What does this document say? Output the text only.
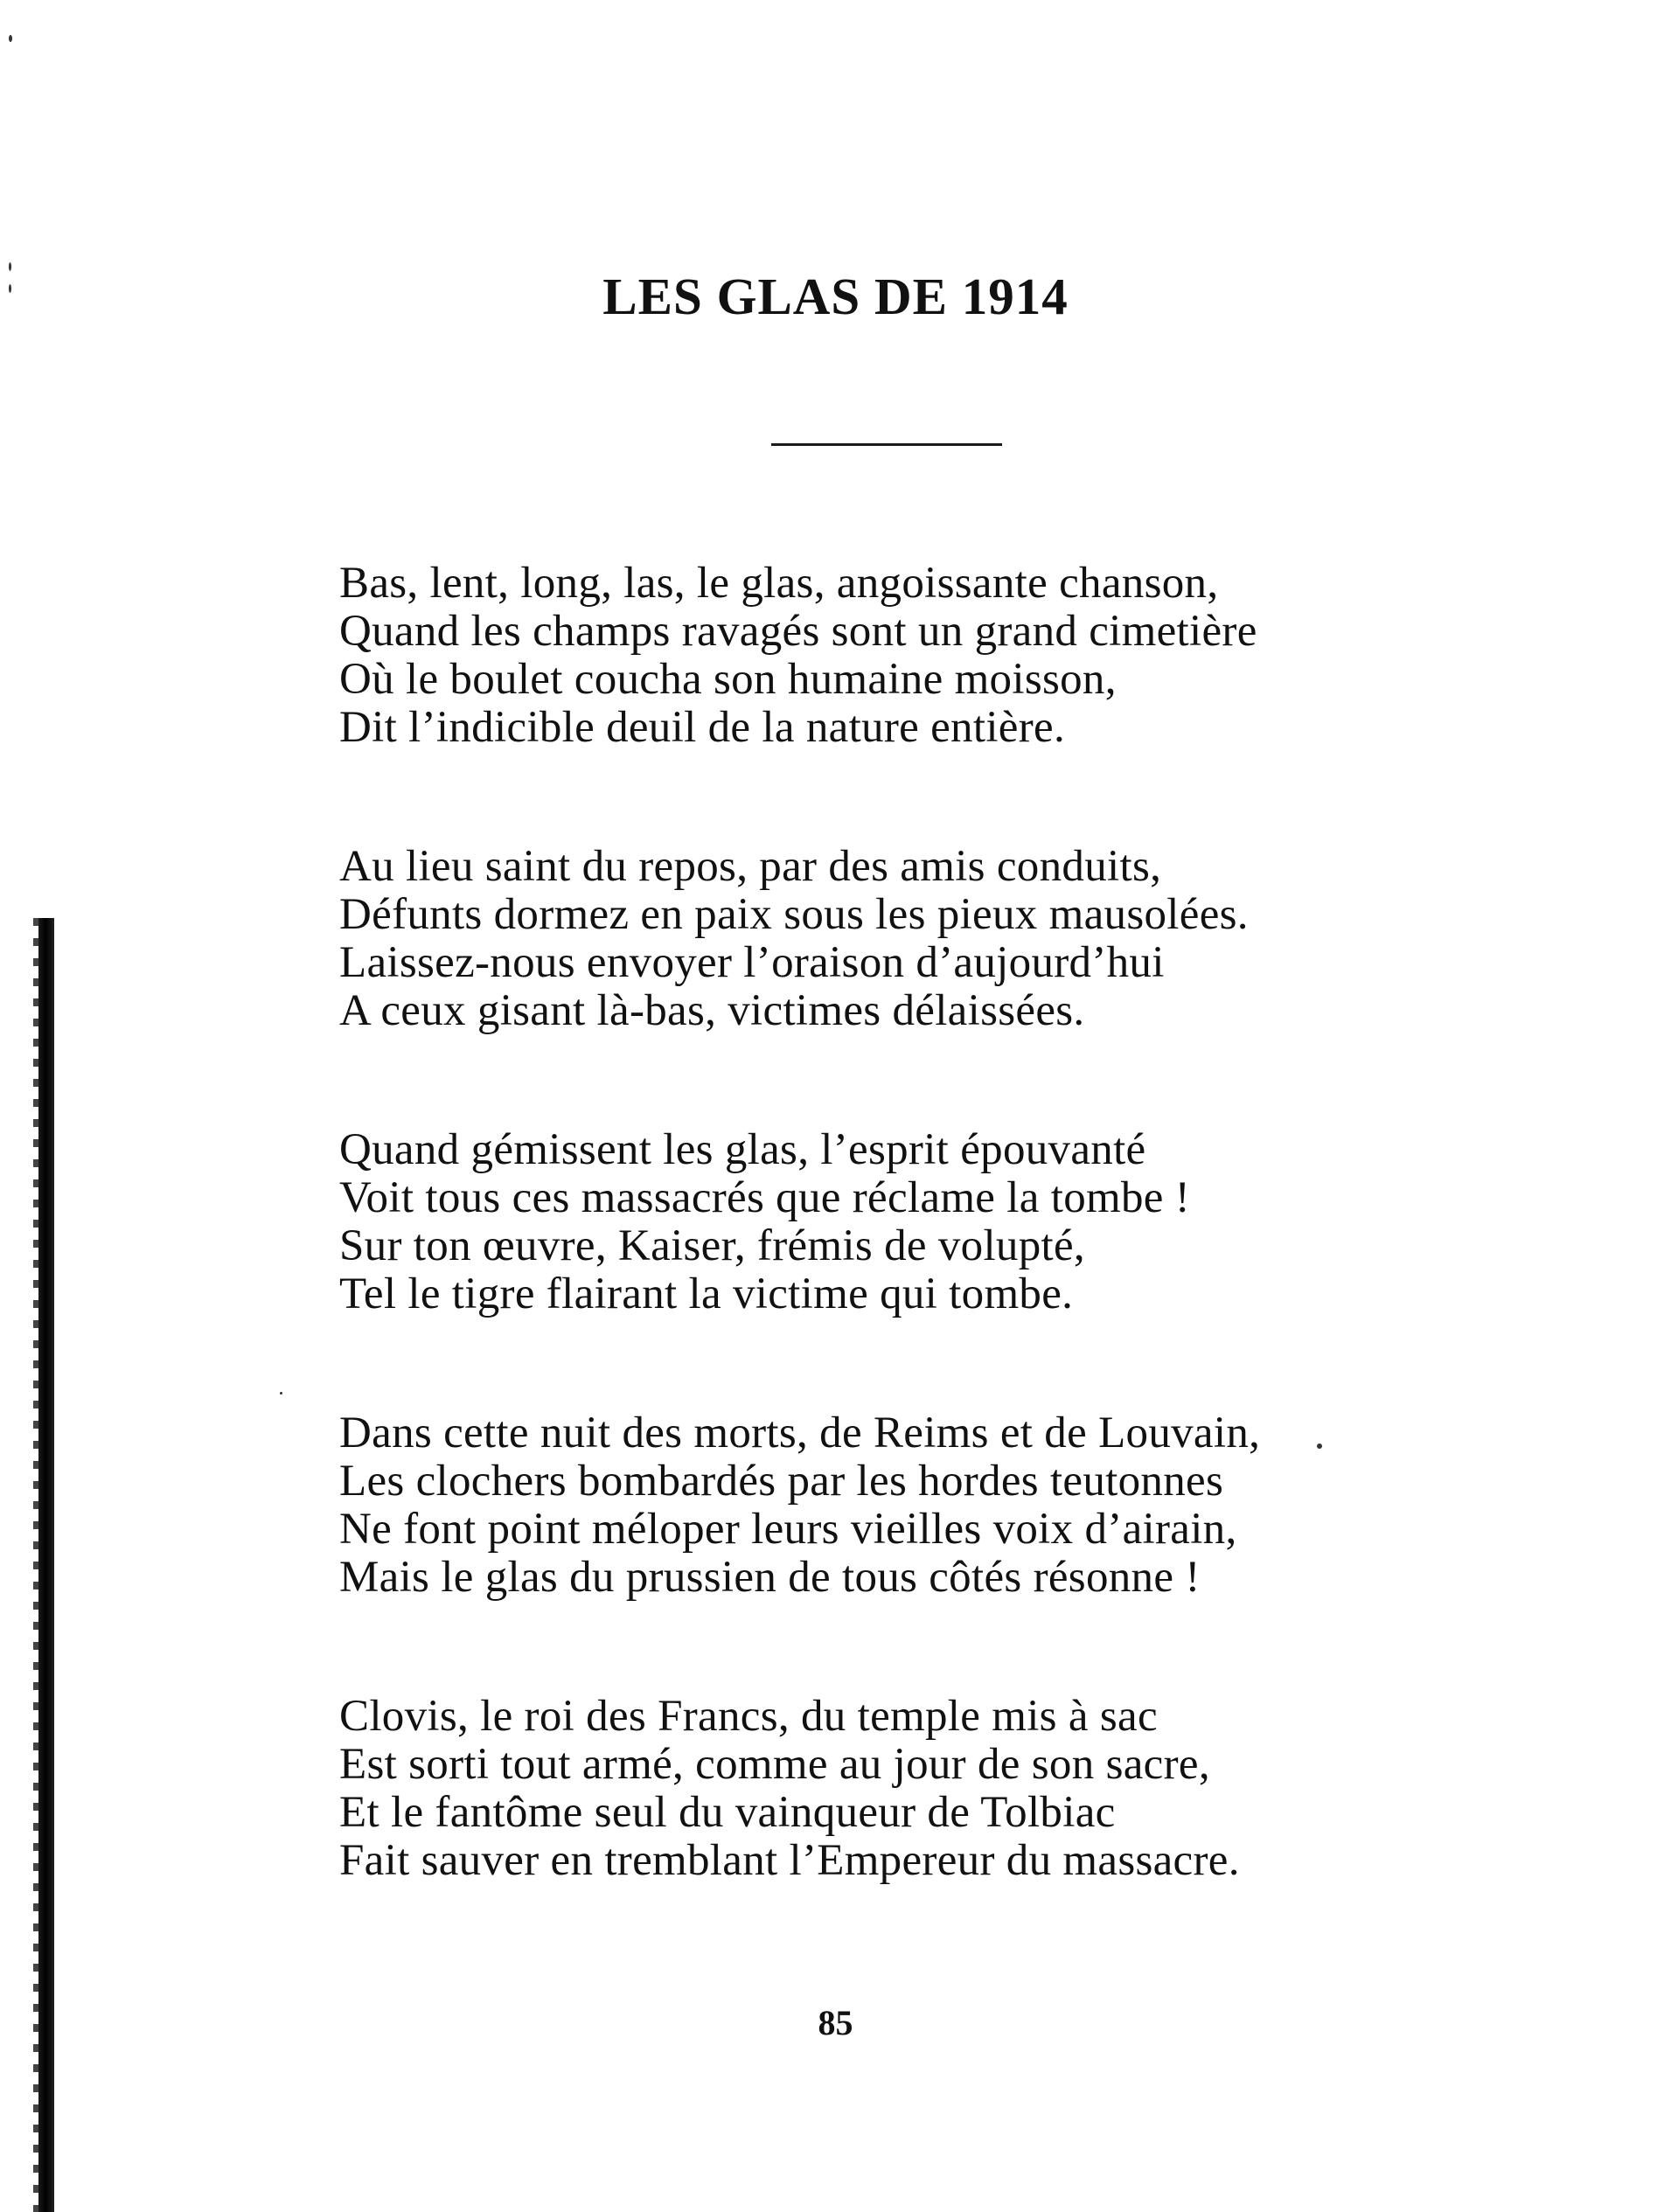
LES GLAS DE 1914
Bas, lent, long, las, le glas, angoissante chanson,
Quand les champs ravagés sont un grand cimetière
Où le boulet coucha son humaine moisson,
Dit l’indicible deuil de la nature entière.
Au lieu saint du repos, par des amis conduits,
Défunts dormez en paix sous les pieux mausolées.
Laissez-nous envoyer l’oraison d’aujourd’hui
A ceux gisant là-bas, victimes délaissées.
Quand gémissent les glas, l’esprit épouvanté
Voit tous ces massacrés que réclame la tombe !
Sur ton œuvre, Kaiser, frémis de volupté,
Tel le tigre flairant la victime qui tombe.
Dans cette nuit des morts, de Reims et de Louvain,
Les clochers bombardés par les hordes teutonnes
Ne font point méloper leurs vieilles voix d’airain,
Mais le glas du prussien de tous côtés résonne !
Clovis, le roi des Francs, du temple mis à sac
Est sorti tout armé, comme au jour de son sacre,
Et le fantôme seul du vainqueur de Tolbiac
Fait sauver en tremblant l’Empereur du massacre.
85
